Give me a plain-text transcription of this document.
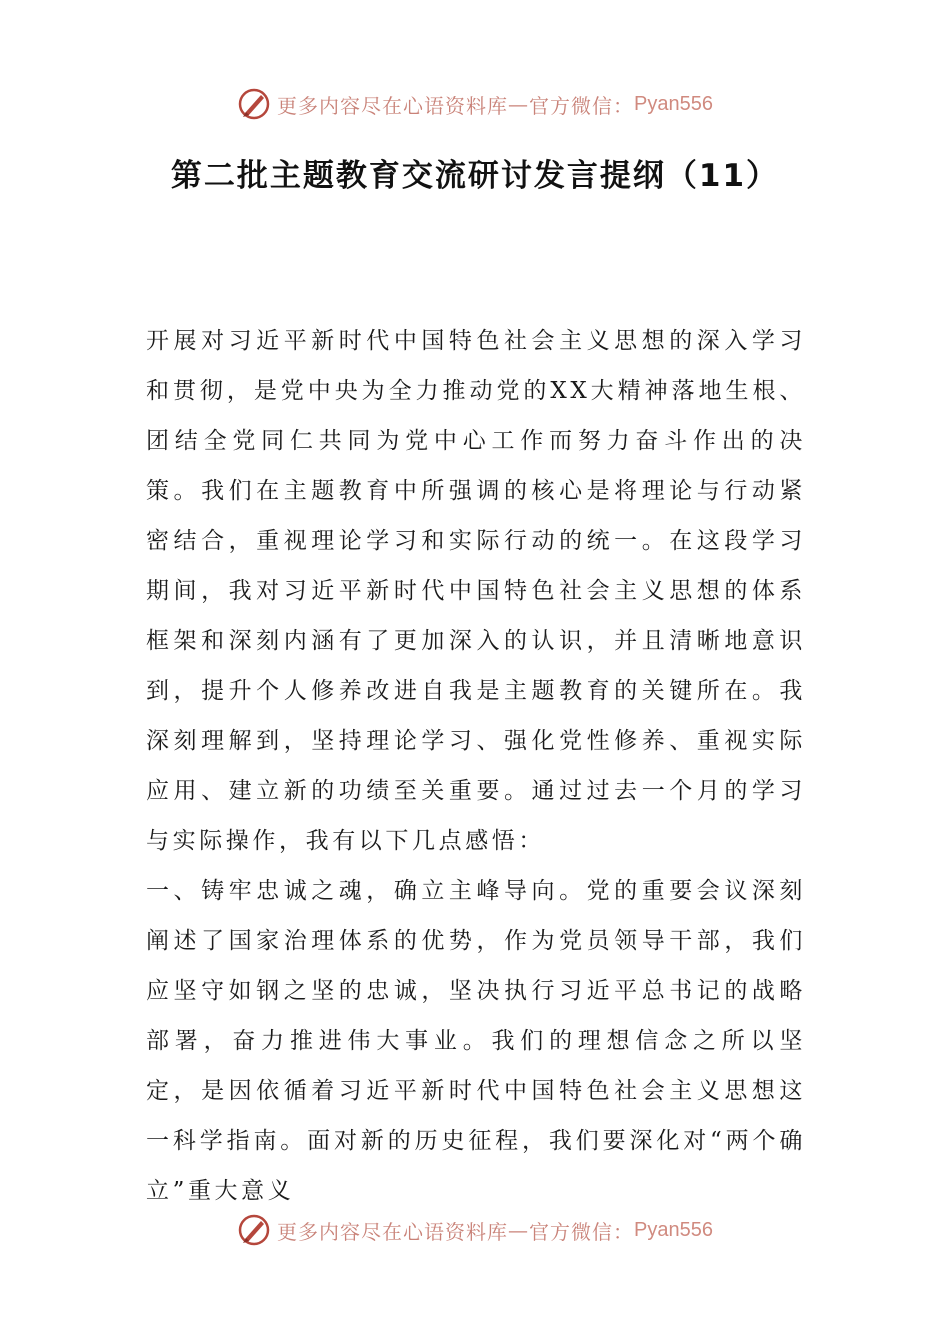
更多内容尽在心语资料库 — 官方微信： Pyan556
第二批主题教育交流研讨发言提纲（11）

开展对习近平新时代中国特色社会主义思想的深入学习和贯彻，是党中央为全力推动党的XX大精神落地生根、团结全党同仁共同为党中心工作而努力奋斗作出的决策。我们在主题教育中所强调的核心是将理论与行动紧密结合，重视理论学习和实际行动的统一。在这段学习期间，我对习近平新时代中国特色社会主义思想的体系框架和深刻内涵有了更加深入的认识，并且清晰地意识到，提升个人修养改进自我是主题教育的关键所在。我深刻理解到，坚持理论学习、强化党性修养、重视实际应用、建立新的功绩至关重要。通过过去一个月的学习与实际操作，我有以下几点感悟：

一、铸牢忠诚之魂，确立主峰导向。党的重要会议深刻阐述了国家治理体系的优势，作为党员领导干部，我们应坚守如钢之坚的忠诚，坚决执行习近平总书记的战略部署，奋力推进伟大事业。我们的理想信念之所以坚定，是因依循着习近平新时代中国特色社会主义思想这一科学指南。面对新的历史征程，我们要深化对“两个确立”重大意义

更多内容尽在心语资料库 — 官方微信： Pyan556
